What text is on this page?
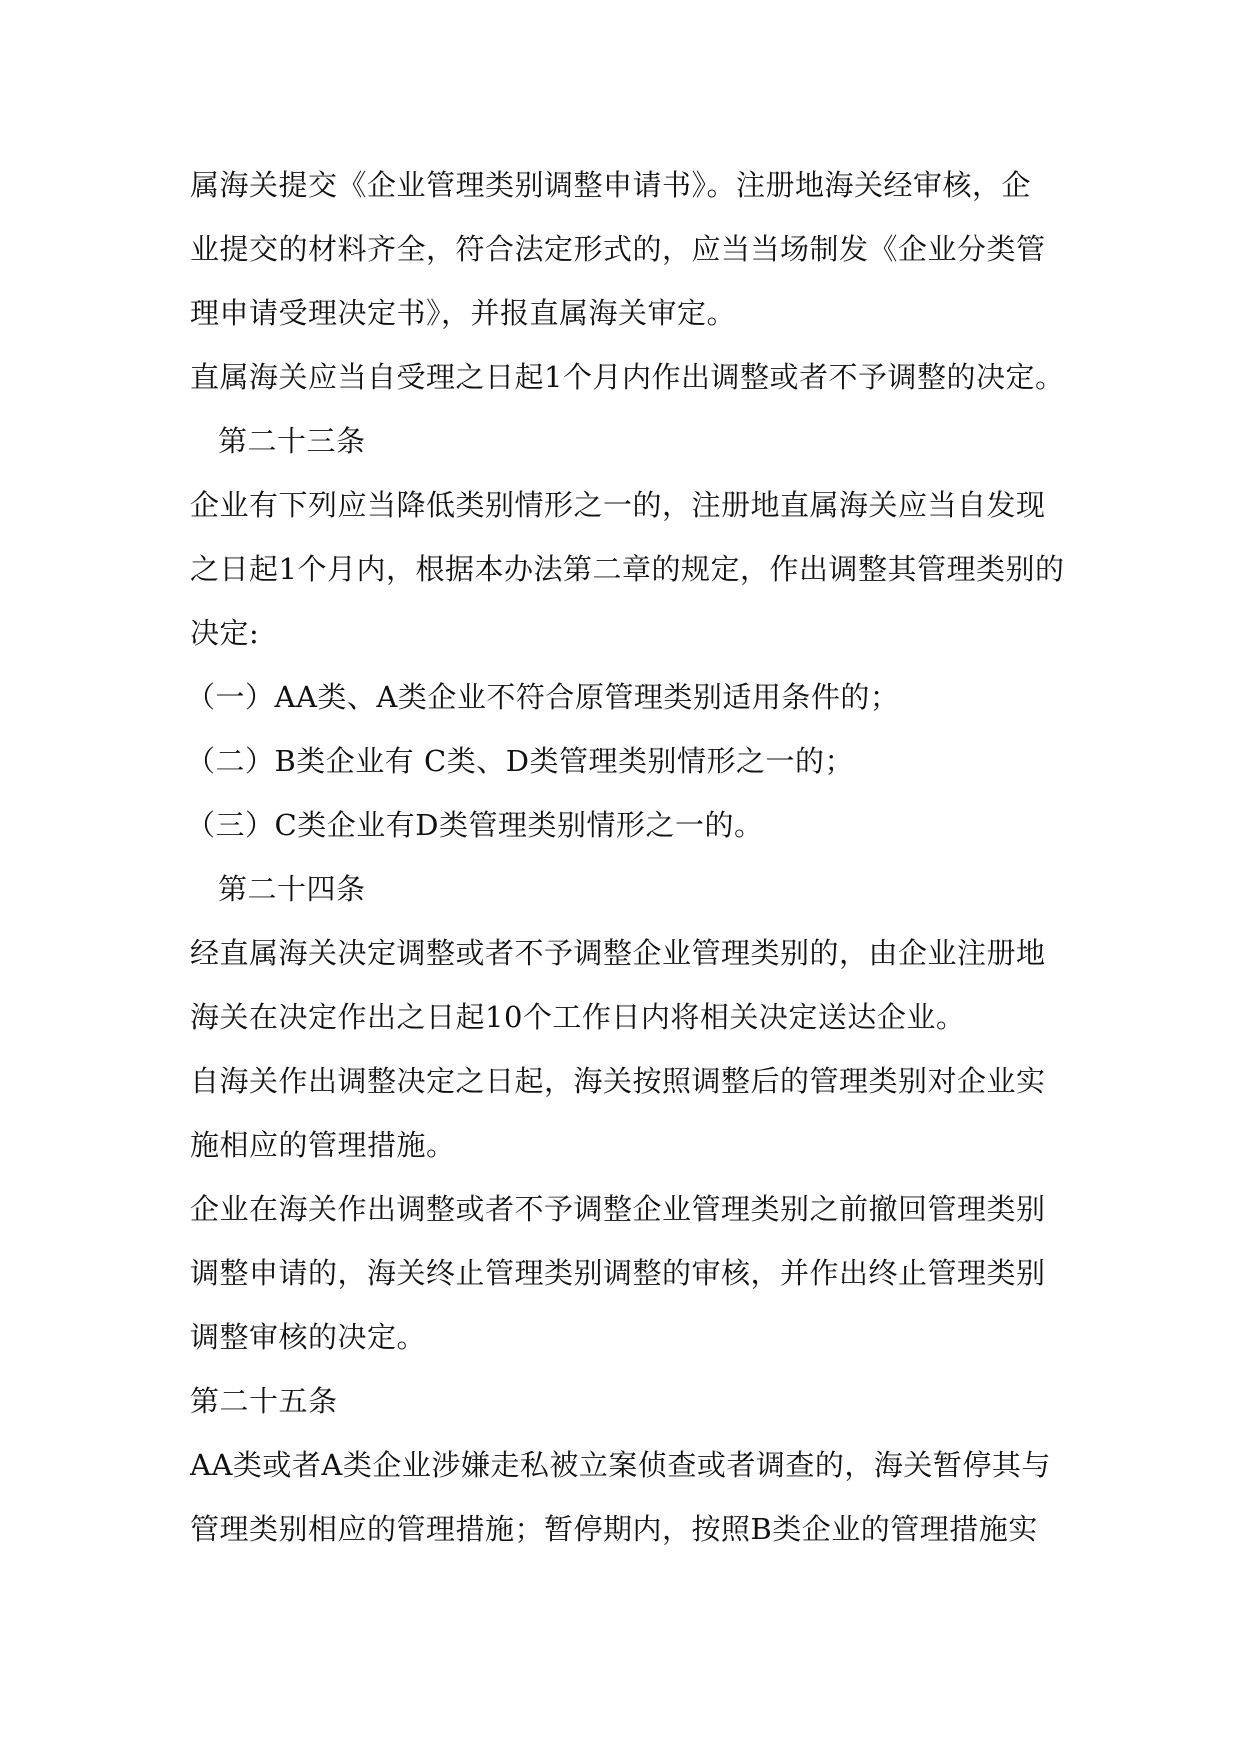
属海关提交《企业管理类别调整申请书》。注册地海关经审核，企
业提交的材料齐全，符合法定形式的，应当当场制发《企业分类管
理申请受理决定书》，并报直属海关审定。
直属海关应当自受理之日起1个月内作出调整或者不予调整的决定。
第二十三条
企业有下列应当降低类别情形之一的，注册地直属海关应当自发现
之日起1个月内，根据本办法第二章的规定，作出调整其管理类别的
决定:
（一）AA类、A类企业不符合原管理类别适用条件的；
（二）B类企业有 C类、D类管理类别情形之一的；
（三）C类企业有D类管理类别情形之一的。
第二十四条
经直属海关决定调整或者不予调整企业管理类别的，由企业注册地
海关在决定作出之日起10个工作日内将相关决定送达企业。
自海关作出调整决定之日起，海关按照调整后的管理类别对企业实
施相应的管理措施。
企业在海关作出调整或者不予调整企业管理类别之前撤回管理类别
调整申请的，海关终止管理类别调整的审核，并作出终止管理类别
调整审核的决定。
第二十五条
AA类或者A类企业涉嫌走私被立案侦查或者调查的，海关暂停其与
管理类别相应的管理措施；暂停期内，按照B类企业的管理措施实
